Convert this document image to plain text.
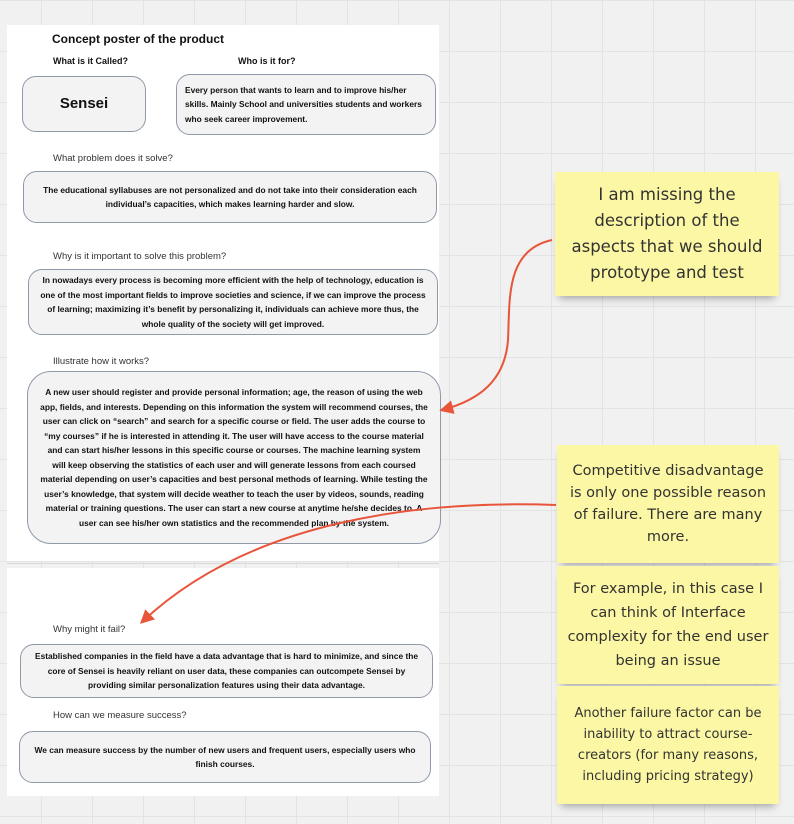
Concept poster of the product
What is it Called?	Who is it for?
Sensei
Every person that wants to learn and to improve his/her skills. Mainly School and universities students and workers who seek career improvement.
What problem does it solve?
The educational syllabuses are not personalized and do not take into their consideration each individual’s capacities, which makes learning harder and slow.
Why is it important to solve this problem?
In nowadays every process is becoming more efficient with the help of technology, education is one of the most important fields to improve societies and science, if we can improve the process of learning; maximizing it’s benefit by personalizing it, individuals can achieve more thus, the whole quality of the society will get improved.
Illustrate how it works?
A new user should register and provide personal information; age, the reason of using the web app, fields, and interests. Depending on this information the system will recommend courses, the user can click on “search” and search for a specific course or field. The user adds the course to “my courses” if he is interested in attending it. The user will have access to the course material and can start his/her lessons in this specific course or courses. The machine learning system will keep observing the statistics of each user and will generate lessons from each coursed material depending on user’s capacities and best personal methods of learning. While testing the user’s knowledge, that system will decide weather to teach the user by videos, sounds, reading material or training questions. The user can start a new course at anytime he/she decides to. A user can see his/her own statistics and the recommended plan by the system.
Why might it fail?
Established companies in the field have a data advantage that is hard to minimize, and since the core of Sensei is heavily reliant on user data, these companies can outcompete Sensei by providing similar personalization features using their data advantage.
How can we measure success?
We can measure success by the number of new users and frequent users, especially users who finish courses.
I am missing the description of the aspects that we should prototype and test
Competitive disadvantage is only one possible reason of failure. There are many more.
For example, in this case I can think of Interface complexity for the end user being an issue
Another failure factor can be inability to attract course-creators (for many reasons, including pricing strategy)
